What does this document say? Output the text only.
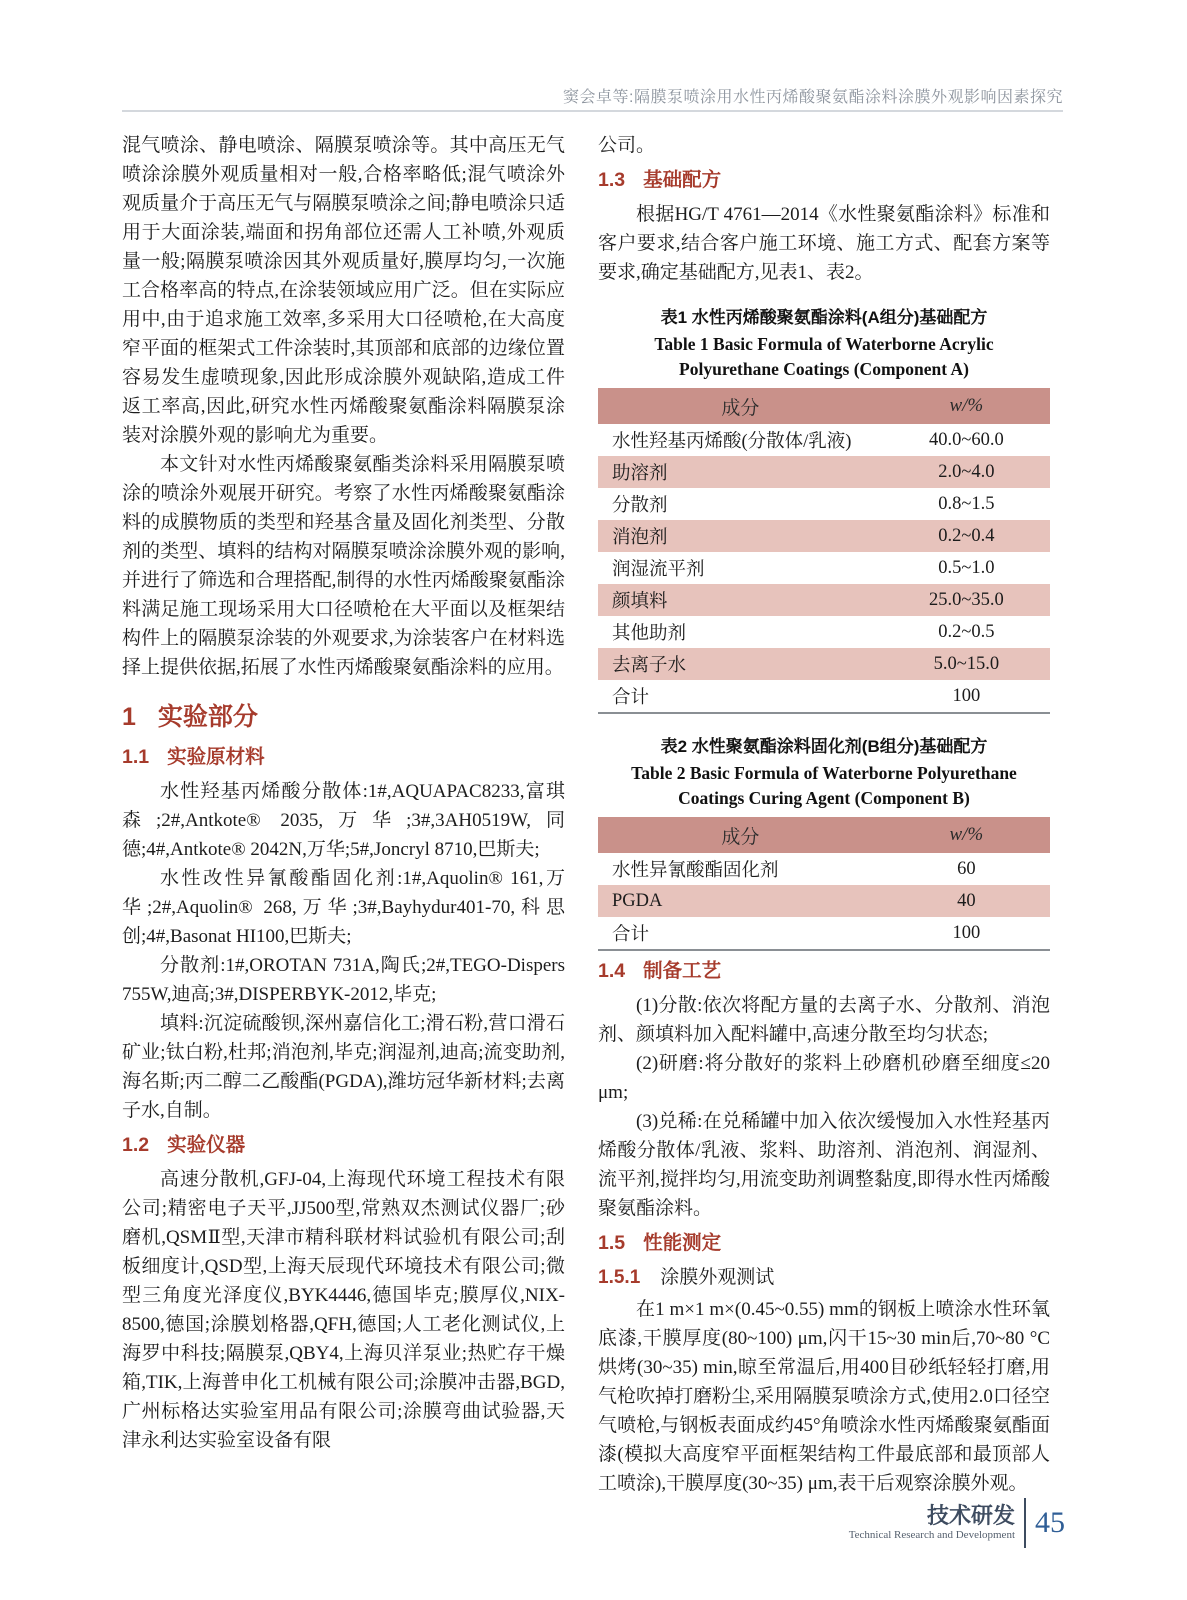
窦会卓等:隔膜泵喷涂用水性丙烯酸聚氨酯涂料涂膜外观影响因素探究

混气喷涂、静电喷涂、隔膜泵喷涂等。其中高压无气喷涂涂膜外观质量相对一般,合格率略低;混气喷涂外观质量介于高压无气与隔膜泵喷涂之间;静电喷涂只适用于大面涂装,端面和拐角部位还需人工补喷,外观质量一般;隔膜泵喷涂因其外观质量好,膜厚均匀,一次施工合格率高的特点,在涂装领域应用广泛。但在实际应用中,由于追求施工效率,多采用大口径喷枪,在大高度窄平面的框架式工件涂装时,其顶部和底部的边缘位置容易发生虚喷现象,因此形成涂膜外观缺陷,造成工件返工率高,因此,研究水性丙烯酸聚氨酯涂料隔膜泵涂装对涂膜外观的影响尤为重要。

本文针对水性丙烯酸聚氨酯类涂料采用隔膜泵喷涂的喷涂外观展开研究。考察了水性丙烯酸聚氨酯涂料的成膜物质的类型和羟基含量及固化剂类型、分散剂的类型、填料的结构对隔膜泵喷涂涂膜外观的影响,并进行了筛选和合理搭配,制得的水性丙烯酸聚氨酯涂料满足施工现场采用大口径喷枪在大平面以及框架结构件上的隔膜泵涂装的外观要求,为涂装客户在材料选择上提供依据,拓展了水性丙烯酸聚氨酯涂料的应用。

1 实验部分
1.1 实验原材料

水性羟基丙烯酸分散体:1#,AQUAPAC8233,富琪森;2#,Antkote® 2035,万华;3#,3AH0519W,同德;4#,Antkote® 2042N,万华;5#,Joncryl 8710,巴斯夫;

水性改性异氰酸酯固化剂:1#,Aquolin® 161,万华;2#,Aquolin® 268,万华;3#,Bayhydur401-70,科思创;4#,Basonat HI100,巴斯夫;

分散剂:1#,OROTAN 731A,陶氏;2#,TEGO-Dispers 755W,迪高;3#,DISPERBYK-2012,毕克;

填料:沉淀硫酸钡,深州嘉信化工;滑石粉,营口滑石矿业;钛白粉,杜邦;消泡剂,毕克;润湿剂,迪高;流变助剂,海名斯;丙二醇二乙酸酯(PGDA),潍坊冠华新材料;去离子水,自制。

1.2 实验仪器

高速分散机,GFJ-04,上海现代环境工程技术有限公司;精密电子天平,JJ500型,常熟双杰测试仪器厂;砂磨机,QSMⅡ型,天津市精科联材料试验机有限公司;刮板细度计,QSD型,上海天辰现代环境技术有限公司;微型三角度光泽度仪,BYK4446,德国毕克;膜厚仪,NIX-8500,德国;涂膜划格器,QFH,德国;人工老化测试仪,上海罗中科技;隔膜泵,QBY4,上海贝洋泵业;热贮存干燥箱,TIK,上海普申化工机械有限公司;涂膜冲击器,BGD,广州标格达实验室用品有限公司;涂膜弯曲试验器,天津永利达实验室设备有限

公司。

1.3 基础配方

根据HG/T 4761—2014《水性聚氨酯涂料》标准和客户要求,结合客户施工环境、施工方式、配套方案等要求,确定基础配方,见表1、表2。

表1 水性丙烯酸聚氨酯涂料(A组分)基础配方
Table 1 Basic Formula of Waterborne Acrylic
Polyurethane Coatings (Component A)
成分	w/%
水性羟基丙烯酸(分散体/乳液)	40.0~60.0
助溶剂	2.0~4.0
分散剂	0.8~1.5
消泡剂	0.2~0.4
润湿流平剂	0.5~1.0
颜填料	25.0~35.0
其他助剂	0.2~0.5
去离子水	5.0~15.0
合计	100
表2 水性聚氨酯涂料固化剂(B组分)基础配方
Table 2 Basic Formula of Waterborne Polyurethane
Coatings Curing Agent (Component B)
成分	w/%
水性异氰酸酯固化剂	60
PGDA	40
合计	100
1.4 制备工艺

(1)分散:依次将配方量的去离子水、分散剂、消泡剂、颜填料加入配料罐中,高速分散至均匀状态;

(2)研磨:将分散好的浆料上砂磨机砂磨至细度≤20 μm;

(3)兑稀:在兑稀罐中加入依次缓慢加入水性羟基丙烯酸分散体/乳液、浆料、助溶剂、消泡剂、润湿剂、流平剂,搅拌均匀,用流变助剂调整黏度,即得水性丙烯酸聚氨酯涂料。

1.5 性能测定
1.5.1 涂膜外观测试

在1 m×1 m×(0.45~0.55) mm的钢板上喷涂水性环氧底漆,干膜厚度(80~100) μm,闪干15~30 min后,70~80 °C烘烤(30~35) min,晾至常温后,用400目砂纸轻轻打磨,用气枪吹掉打磨粉尘,采用隔膜泵喷涂方式,使用2.0口径空气喷枪,与钢板表面成约45°角喷涂水性丙烯酸聚氨酯面漆(模拟大高度窄平面框架结构工件最底部和最顶部人工喷涂),干膜厚度(30~35) μm,表干后观察涂膜外观。

技术研发
Technical Research and Development 45
